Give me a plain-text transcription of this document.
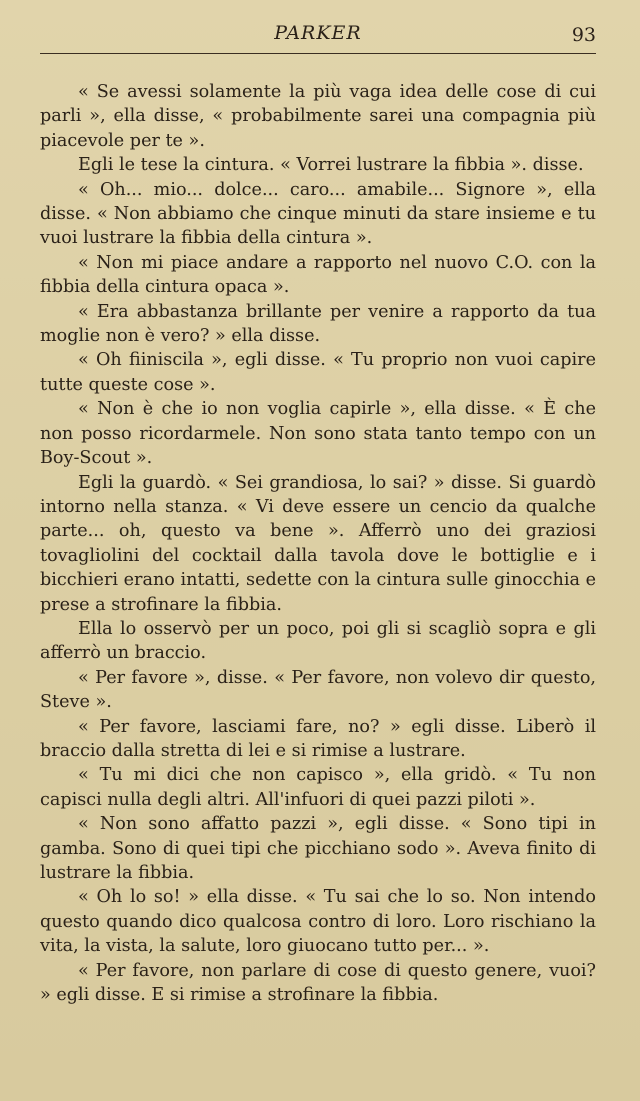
PARKER	93

« Se avessi solamente la più vaga idea delle cose di cui parli », ella disse, « probabilmente sarei una compagnia più piacevole per te ».

Egli le tese la cintura. « Vorrei lustrare la fibbia ». disse.

« Oh... mio... dolce... caro... amabile... Signore », ella disse. « Non abbiamo che cinque minuti da stare insieme e tu vuoi lustrare la fibbia della cintura ».

« Non mi piace andare a rapporto nel nuovo C.O. con la fibbia della cintura opaca ».

« Era abbastanza brillante per venire a rapporto da tua moglie non è vero? » ella disse.

« Oh fiiniscila », egli disse. « Tu proprio non vuoi capire tutte queste cose ».

« Non è che io non voglia capirle », ella disse. « È che non posso ricordarmele. Non sono stata tanto tempo con un Boy-Scout ».

Egli la guardò. « Sei grandiosa, lo sai? » disse. Si guardò intorno nella stanza. « Vi deve essere un cencio da qualche parte... oh, questo va bene ». Afferrò uno dei graziosi tovagliolini del cocktail dalla tavola dove le bottiglie e i bicchieri erano intatti, sedette con la cintura sulle ginocchia e prese a strofinare la fibbia.

Ella lo osservò per un poco, poi gli si scagliò sopra e gli afferrò un braccio.

« Per favore », disse. « Per favore, non volevo dir questo, Steve ».

« Per favore, lasciami fare, no? » egli disse. Liberò il braccio dalla stretta di lei e si rimise a lustrare.

« Tu mi dici che non capisco », ella gridò. « Tu non capisci nulla degli altri. All'infuori di quei pazzi piloti ».

« Non sono affatto pazzi », egli disse. « Sono tipi in gamba. Sono di quei tipi che picchiano sodo ». Aveva finito di lustrare la fibbia.

« Oh lo so! » ella disse. « Tu sai che lo so. Non intendo questo quando dico qualcosa contro di loro. Loro rischiano la vita, la vista, la salute, loro giuocano tutto per... ».

« Per favore, non parlare di cose di questo genere, vuoi? » egli disse. E si rimise a strofinare la fibbia.
